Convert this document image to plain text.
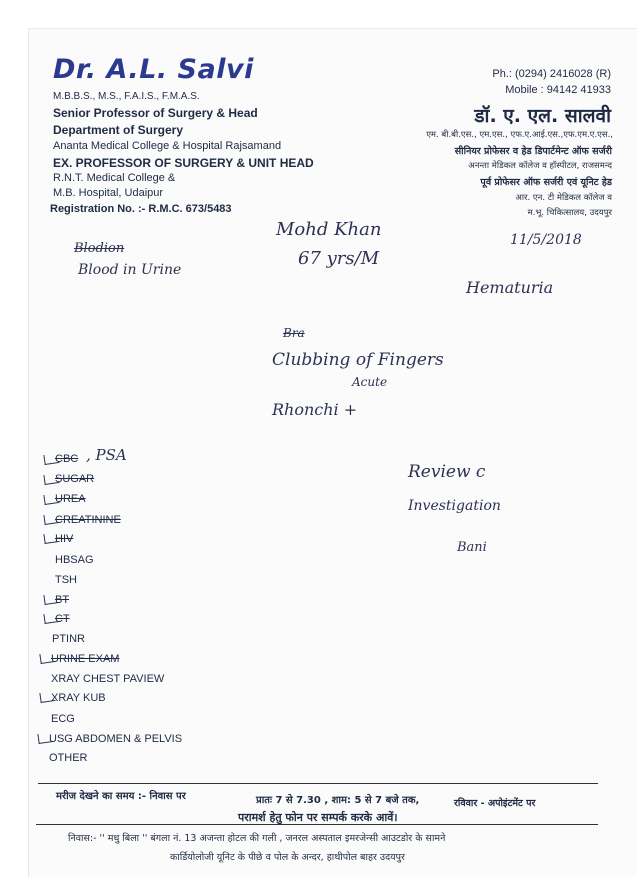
Dr. A.L. Salvi
M.B.B.S., M.S., F.A.I.S., F.M.A.S.
Senior Professor of Surgery & Head
Department of Surgery
Ananta Medical College & Hospital Rajsamand
EX. PROFESSOR OF SURGERY & UNIT HEAD
R.N.T. Medical College &
M.B. Hospital, Udaipur
Registration No. :- R.M.C. 673/5483
Ph.: (0294) 2416028 (R)
Mobile : 94142 41933
डॉ. ए. एल. सालवी
एम. बी.बी.एस., एम.एस., एफ.ए.आई.एस.,एफ.एम.ए.एस.,
सीनियर प्रोफेसर व हेड डिपार्टमेन्ट ऑफ सर्जरी
अनन्ता मेडिकल कॉलेज व हॉस्पीटल, राजसमन्द
पूर्व प्रोफेसर ऑफ सर्जरी एवं यूनिट हेड
आर. एन. टी मेडिकल कॉलेज व
म.भू. चिकित्सालय, उदयपुर
Mohd Khan
67 yrs/M
11/5/2018
Blodion
Blood in Urine
Hematuria
Bra
Clubbing of Fingers
Acute
Rhonchi +
, PSA
Review c
Investigation
Bani
CBC
SUGAR
UREA
CREATININE
HIV
HBSAG
TSH
BT
CT
PTINR
URINE EXAM
XRAY CHEST PAVIEW
XRAY KUB
ECG
USG ABDOMEN & PELVIS
OTHER
मरीज देखने का समय :- निवास पर	प्रातः 7 से 7.30 , शाम: 5 से 7 बजे तक,	रविवार - अपोइंटमेंट पर
परामर्श हेतु फोन पर सम्पर्क करके आवें।
निवास:- '' मधु बिला '' बंगला नं. 13 अजन्ता होटल की गली , जनरल अस्पताल इमरजेन्सी आउटडोर के सामने
कार्डियोलोजी यूनिट के पीछे व पोल के अन्दर, हाथीपोल बाहर उदयपुर
